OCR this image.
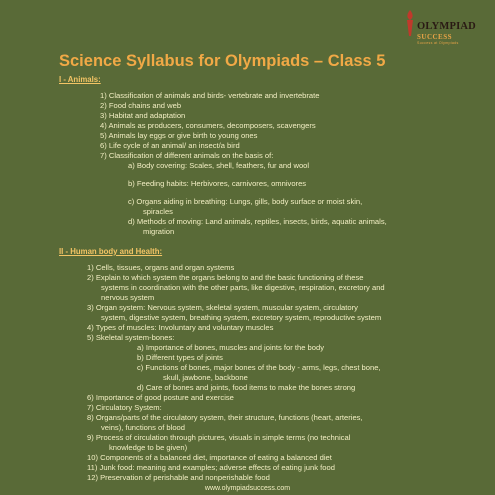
OLYMPIAD
SUCCESS
Success at Olympiads
Science Syllabus for Olympiads – Class 5
I - Animals:
1) Classification of animals and birds- vertebrate and invertebrate
2) Food chains and web
3) Habitat and adaptation
4) Animals as producers, consumers, decomposers, scavengers
5) Animals lay eggs or give birth to young ones
6) Life cycle of an animal/ an insect/a bird
7) Classification of different animals on the basis of:
a) Body covering: Scales, shell, feathers, fur and wool
b) Feeding habits: Herbivores, carnivores, omnivores
c) Organs aiding in breathing: Lungs, gills, body surface or moist skin,
spiracles
d) Methods of moving: Land animals, reptiles, insects, birds, aquatic animals,
migration
II - Human body and Health:
1) Cells, tissues, organs and organ systems
2) Explain to which system the organs belong to and the basic functioning of these
systems in coordination with the other parts, like digestive, respiration, excretory and
nervous system
3) Organ system: Nervous system, skeletal system, muscular system, circulatory
system, digestive system, breathing system, excretory system, reproductive system
4) Types of muscles: Involuntary and voluntary muscles
5) Skeletal system-bones:
a) Importance of bones, muscles and joints for the body
b) Different types of joints
c) Functions of bones, major bones of the body - arms, legs, chest bone,
skull, jawbone, backbone
d) Care of bones and joints, food items to make the bones strong
6) Importance of good posture and exercise
7) Circulatory System:
8) Organs/parts of the circulatory system, their structure, functions (heart, arteries,
veins), functions of blood
9) Process of circulation through pictures, visuals in simple terms (no technical
knowledge to be given)
10) Components of a balanced diet, importance of eating a balanced diet
11) Junk food: meaning and examples; adverse effects of eating junk food
12) Preservation of perishable and nonperishable food
www.olympiadsuccess.com
